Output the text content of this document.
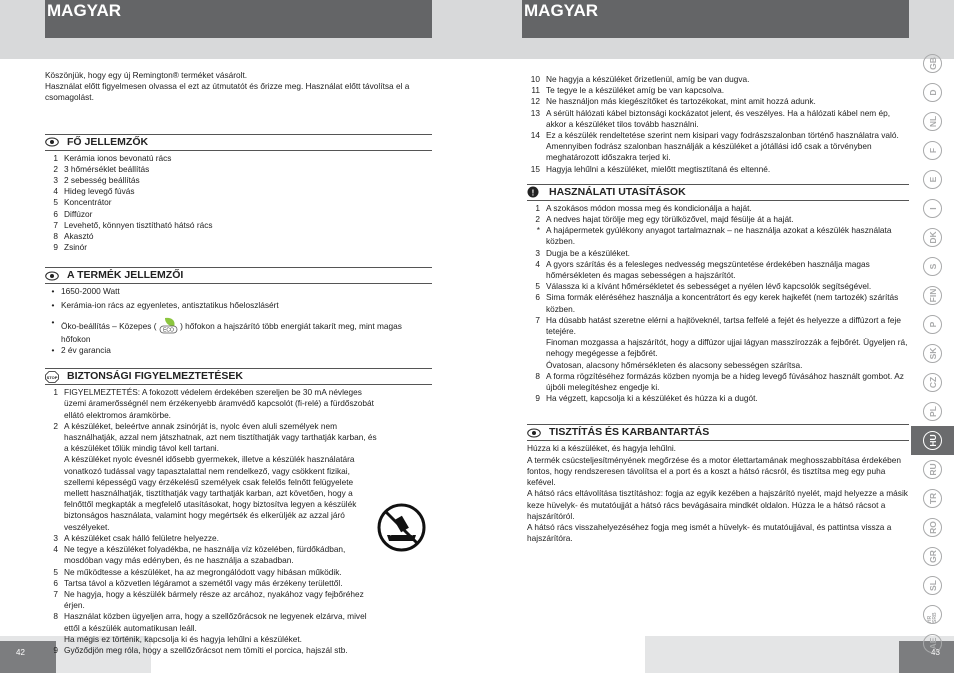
MAGYAR
42
MAGYAR
43

Köszönjük, hogy egy új Remington® terméket vásárolt.

Használat előtt figyelmesen olvassa el ezt az útmutatót és őrizze meg. Használat előtt távolítsa el a csomagolást.

FŐ JELLEMZŐK
1 Kerámia ionos bevonatú rács
2 3 hőmérséklet beállítás
3 2 sebesség beállítás
4 Hideg levegő fúvás
5 Koncentrátor
6 Diffúzor
7 Levehető, könnyen tisztítható hátsó rács
8 Akasztó
9 Zsinór
A TERMÉK JELLEMZŐI
• 1650-2000 Watt
• Kerámia-ion rács az egyenletes, antisztatikus hőeloszlásért
• Öko-beállítás – Közepes ( ECO ) hőfokon a hajszárító több energiát takarít meg, mint magas hőfokon
• 2 év garancia
STOP BIZTONSÁGI FIGYELMEZTETÉSEK
1 FIGYELMEZTETÉS: A fokozott védelem érdekében szereljen be 30 mA névleges üzemi áramerősségnél nem érzékenyebb áramvédő kapcsolót (fi-relé) a fürdőszobát ellátó elektromos áramkörbe.
2 A készüléket, beleértve annak zsinórját is, nyolc éven aluli személyek nem használhatják, azzal nem játszhatnak, azt nem tisztíthatják vagy tarthatják karban, és a készüléket tőlük mindig távol kell tartani.
A készüléket nyolc évesnél idősebb gyermekek, illetve a készülék használatára vonatkozó tudással vagy tapasztalattal nem rendelkező, vagy csökkent fizikai, szellemi képességű vagy érzékelésű személyek csak felelős felnőtt felügyelete mellett használhatják, tisztíthatják vagy tarthatják karban, azt követően, hogy a felnőttől megkapták a megfelelő utasításokat, hogy biztosítva legyen a készülék biztonságos használata, valamint hogy megértsék és elkerüljék az azzal járó veszélyeket.
3 A készüléket csak hálló felületre helyezze.
4 Ne tegye a készüléket folyadékba, ne használja víz közelében, fürdőkádban, mosdóban vagy más edényben, és ne használja a szabadban.
5 Ne működtesse a készüléket, ha az megrongálódott vagy hibásan működik.
6 Tartsa távol a közvetlen légáramot a szemétől vagy más érzékeny területtől.
7 Ne hagyja, hogy a készülék bármely része az arcához, nyakához vagy fejbőréhez érjen.
8 Használat közben ügyeljen arra, hogy a szellőzőrácsok ne legyenek elzárva, mivel ettől a készülék automatikusan leáll.
Ha mégis ez történik, kapcsolja ki és hagyja lehűlni a készüléket.
9 Győződjön meg róla, hogy a szellőzőrácsot nem tömíti el porcica, hajszál stb.
10 Ne hagyja a készüléket őrizetlenül, amíg be van dugva.
11 Te tegye le a készüléket amíg be van kapcsolva.
12 Ne használjon más kiegészítőket és tartozékokat, mint amit hozzá adunk.
13 A sérült hálózati kábel biztonsági kockázatot jelent, és veszélyes. Ha a hálózati kábel nem ép, akkor a készüléket tilos tovább használni.
14 Ez a készülék rendeltetése szerint nem kisipari vagy fodrászszalonban történő használatra való. Amennyiben fodrász szalonban használják a készüléket a jótállási idő csak a törvényben meghatározott időszakra terjed ki.
15 Hagyja lehűlni a készüléket, mielőtt megtisztítaná és eltenné.
! HASZNÁLATI UTASÍTÁSOK
1 A szokásos módon mossa meg és kondicionálja a haját.
2 A nedves hajat törölje meg egy törülközővel, majd fésülje át a haját.
* A hajápermetek gyúlékony anyagot tartalmaznak – ne használja azokat a készülék használata közben.
3 Dugja be a készüléket.
4 A gyors szárítás és a felesleges nedvesség megszüntetése érdekében használja magas hőmérsékleten és magas sebességen a hajszárítót.
5 Válassza ki a kívánt hőmérsékletet és sebességet a nyélen lévő kapcsolók segítségével.
6 Sima formák eléréséhez használja a koncentrátort és egy kerek hajkefét (nem tartozék) szárítás közben.
7 Ha dúsabb hatást szeretne elérni a hajtöveknél, tartsa felfelé a fejét és helyezze a diffúzort a feje tetejére.
Finoman mozgassa a hajszárítót, hogy a diffúzor ujjai lágyan masszírozzák a fejbőrét. Ügyeljen rá, nehogy megégesse a fejbőrét.
Óvatosan, alacsony hőmérsékleten és alacsony sebességen szárítsa.
8 A forma rögzítéséhez formázás közben nyomja be a hideg levegő fúvásához használt gombot. Az újbóli melegítéshez engedje ki.
9 Ha végzett, kapcsolja ki a készüléket és húzza ki a dugót.
TISZTÍTÁS ÉS KARBANTARTÁS

Húzza ki a készüléket, és hagyja lehűlni.

A termék csúcsteljesítményének megőrzése és a motor élettartamának meghosszabbítása érdekében fontos, hogy rendszeresen távolítsa el a port és a koszt a hátsó rácsról, és tisztítsa meg egy puha kefével.

A hátsó rács eltávolítása tisztításhoz: fogja az egyik kezében a hajszárító nyelét, majd helyezze a másik keze hüvelyk- és mutatóujját a hátsó rács bevágásaira mindkét oldalon. Húzza le a hátsó rácsot a hajszárítóról.

A hátsó rács visszahelyezéséhez fogja meg ismét a hüvelyk- és mutatóujjával, és pattintsa vissza a hajszárítóra.

GB
D
NL
F
E
I
DK
S
FIN
P
SK
CZ
PL
HU
RU
TR
RO
GR
SL
HR SRB
AE
